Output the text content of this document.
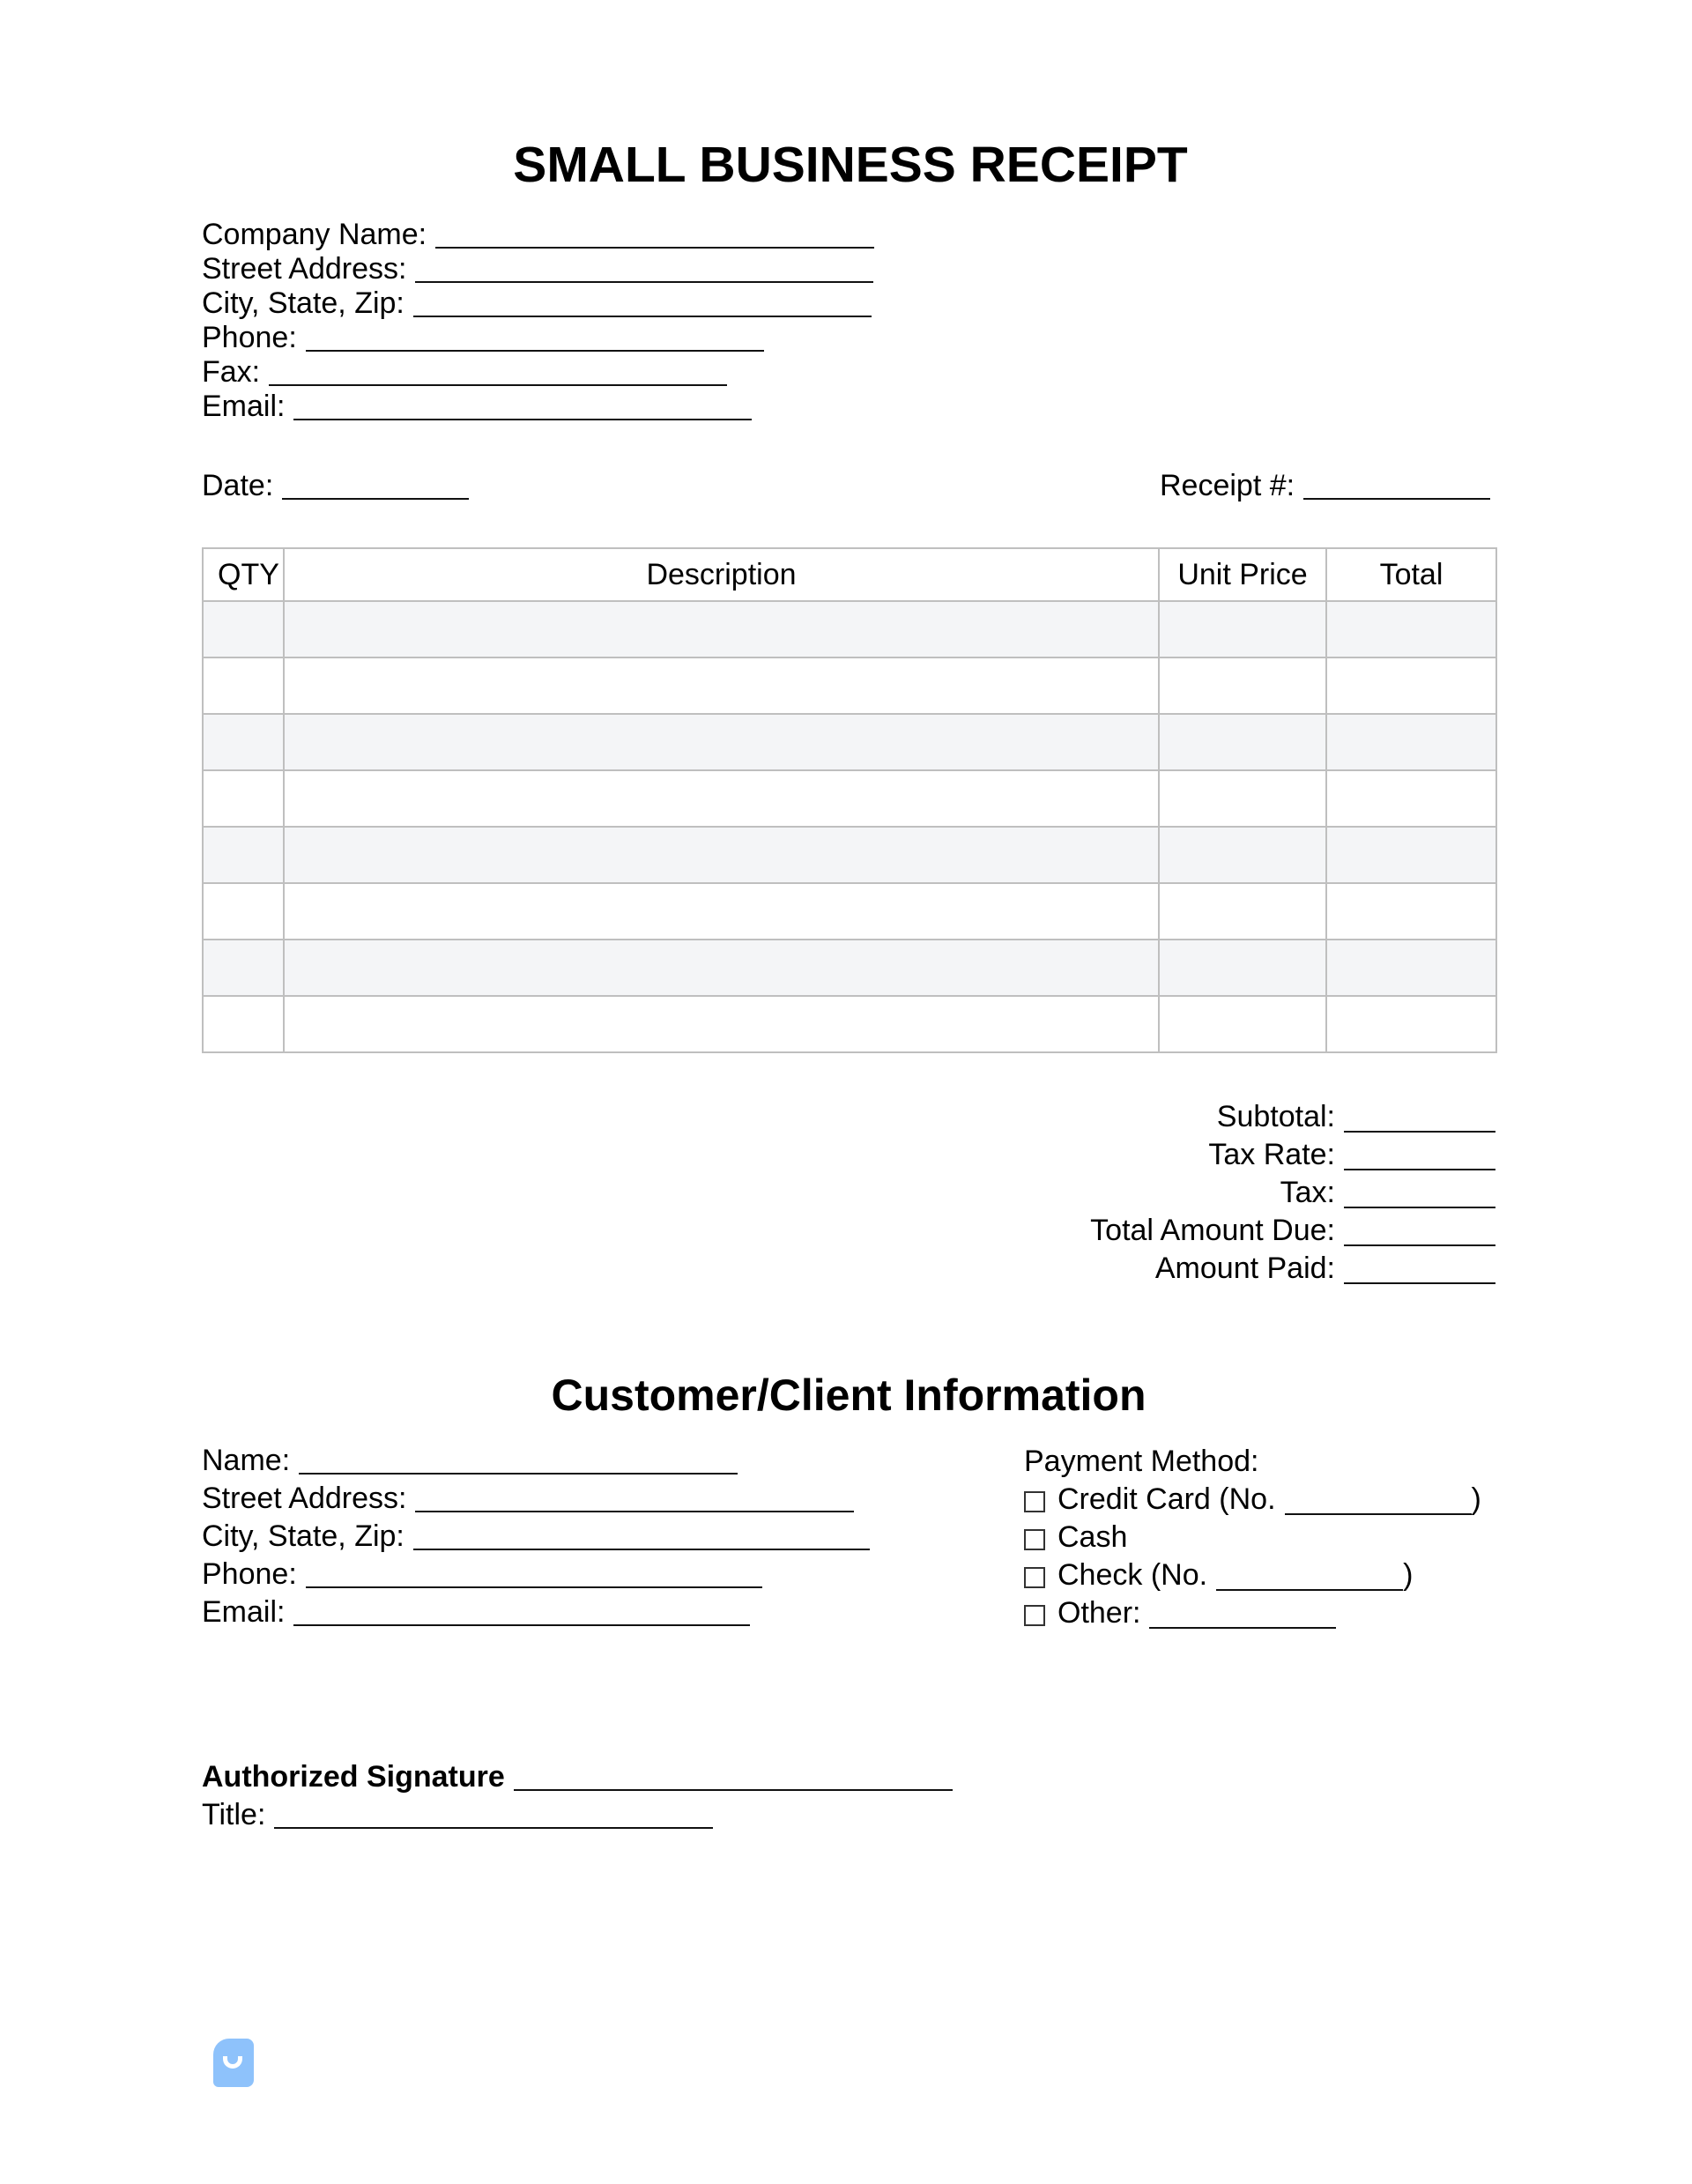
SMALL BUSINESS RECEIPT
Company Name:
Street Address:
City, State, Zip:
Phone:
Fax:
Email:
Date:	Receipt #:
QTY	Description	Unit Price	Total

Subtotal:
Tax Rate:
Tax:
Total Amount Due:
Amount Paid:
Customer/Client Information
Name:
Street Address:
City, State, Zip:
Phone:
Email:
Payment Method:
Credit Card (No.	)
Cash
Check (No.	)
Other:
Authorized Signature
Title:
